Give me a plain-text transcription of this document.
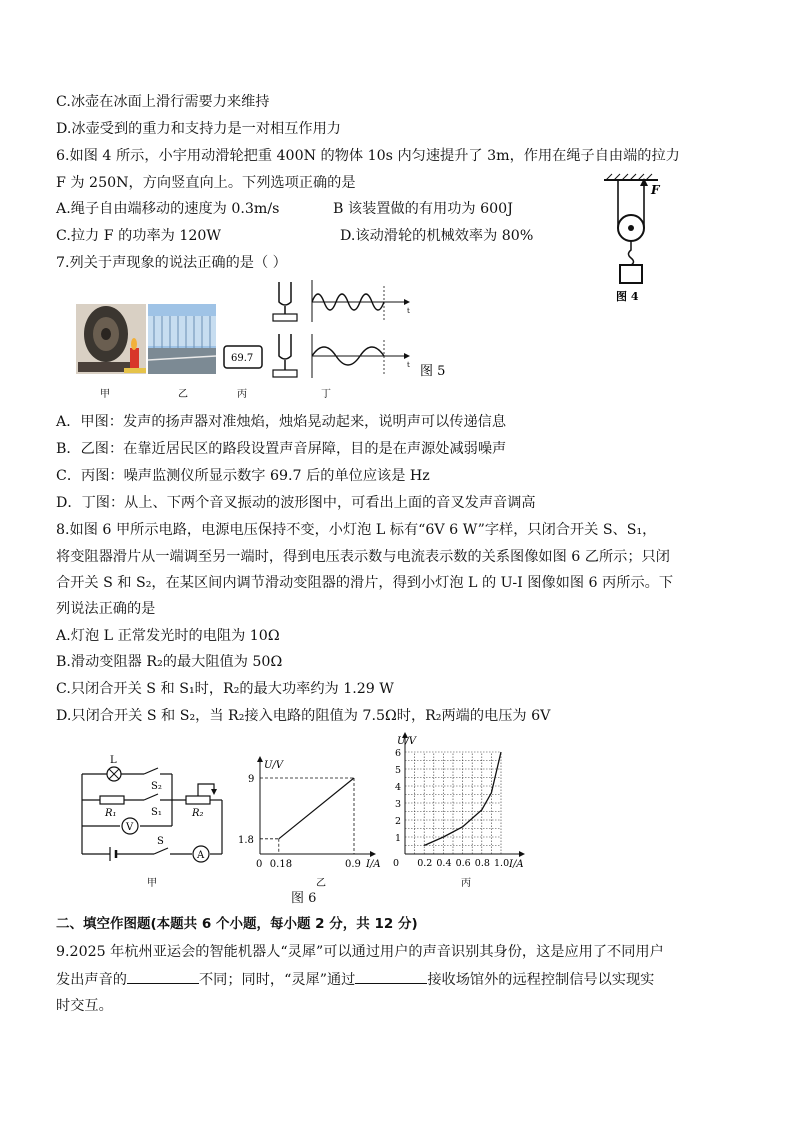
C.冰壶在冰面上滑行需要力来维持
D.冰壶受到的重力和支持力是一对相互作用力
6.如图 4 所示，小宇用动滑轮把重 400N 的物体 10s 内匀速提升了 3m，作用在绳子自由端的拉力
F 为 250N，方向竖直向上。下列选项正确的是
A.绳子自由端移动的速度为 0.3m/s	B 该装置做的有用功为 600J
C.拉力 F 的功率为 120W	D.该动滑轮的机械效率为 80%
F
图 4
7.列关于声现象的说法正确的是（ ）
69.7
t
t 图 5
甲	乙	丙	丁
A．甲图：发声的扬声器对准烛焰，烛焰晃动起来，说明声可以传递信息
B．乙图：在靠近居民区的路段设置声音屏障，目的是在声源处减弱噪声
C．丙图：噪声监测仪所显示数字 69.7 后的单位应该是 Hz
D．丁图：从上、下两个音叉振动的波形图中，可看出上面的音叉发声音调高
8.如图 6 甲所示电路，电源电压保持不变，小灯泡 L 标有“6V 6 W”字样，只闭合开关 S、S₁，
将变阻器滑片从一端调至另一端时，得到电压表示数与电流表示数的关系图像如图 6 乙所示；只闭
合开关 S 和 S₂，在某区间内调节滑动变阻器的滑片，得到小灯泡 L 的 U-I 图像如图 6 丙所示。下
列说法正确的是
A.灯泡 L 正常发光时的电阻为 10Ω
B.滑动变阻器 R₂的最大阻值为 50Ω
C.只闭合开关 S 和 S₁时，R₂的最大功率约为 1.29 W
D.只闭合开关 S 和 S₂，当 R₂接入电路的阻值为 7.5Ω时，R₂两端的电压为 6V
L
S₂
R₁	S₁	R₂
V
S
A
甲
0 0.18	0.9
1.8
9
I/A
U/V
乙
0 0.2 0.4 0.6 0.8 1.0
1
2
3
4
5
6
I/A
U/V
丙
图 6
二、填空作图题(本题共 6 个小题，每小题 2 分，共 12 分)
9.2025 年杭州亚运会的智能机器人“灵犀”可以通过用户的声音识别其身份，这是应用了不同用户
发出声音的	不同；同时，“灵犀”通过	接收场馆外的远程控制信号以实现实
时交互。
